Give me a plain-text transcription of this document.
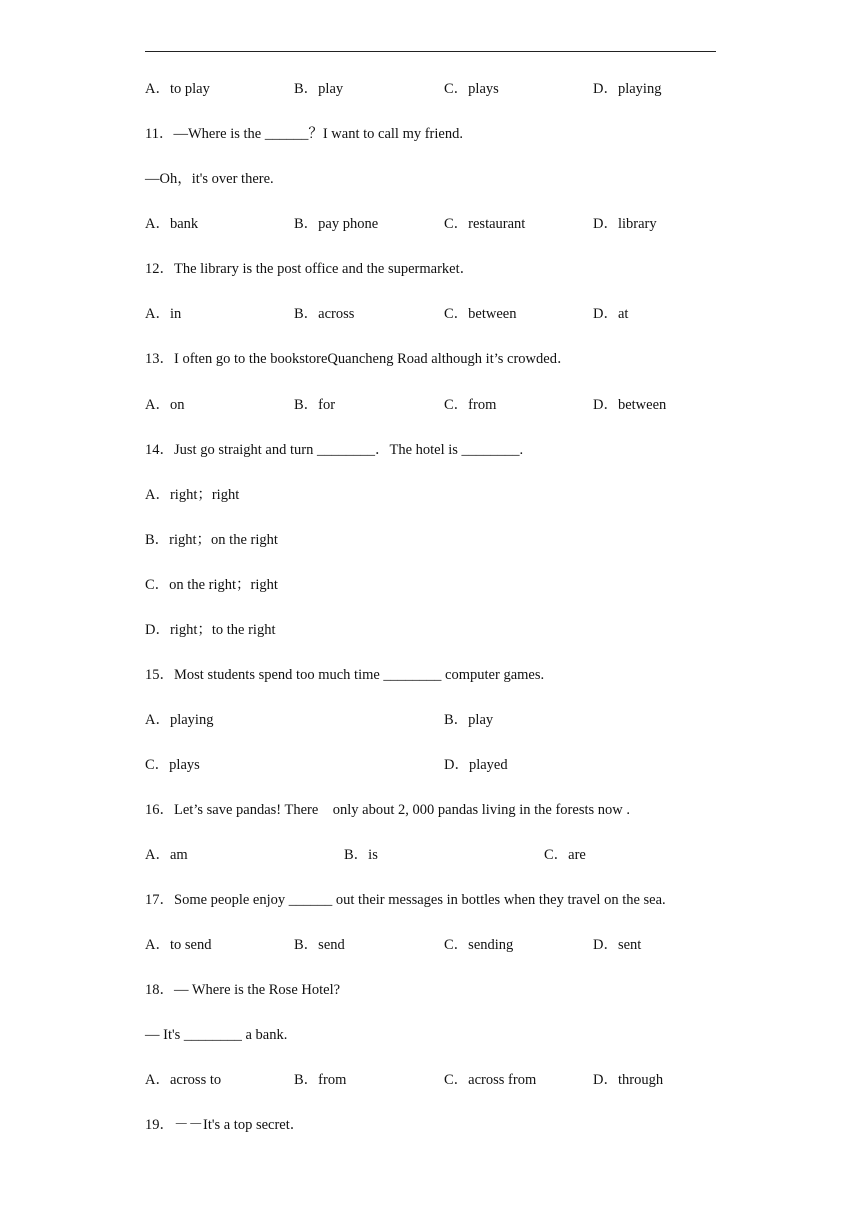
A．to play	B．play	C．plays	D．playing
11．—Where is the ______？I want to call my friend.
—Oh，it's over there.
A．bank	B．pay phone	C．restaurant	D．library
12．The library is the post office and the supermarket．
A．in	B．across	C．between	D．at
13．I often go to the bookstoreQuancheng Road although it’s crowded．
A．on	B．for	C．from	D．between
14．Just go straight and turn ________．The hotel is ________.
A．right；right
B．right；on the right
C．on the right；right
D．right；to the right
15．Most students spend too much time ________ computer games.
A．playing	B．play
C．plays	D．played
16．Let’s save pandas! There    only about 2, 000 pandas living in the forests now .
A．am	B．is	C．are
17．Some people enjoy ______ out their messages in bottles when they travel on the sea.
A．to send	B．send	C．sending	D．sent
18．— Where is the Rose Hotel?
— It's ________ a bank.
A．across to	B．from	C．across from	D．through
19．－－It's a top secret．
